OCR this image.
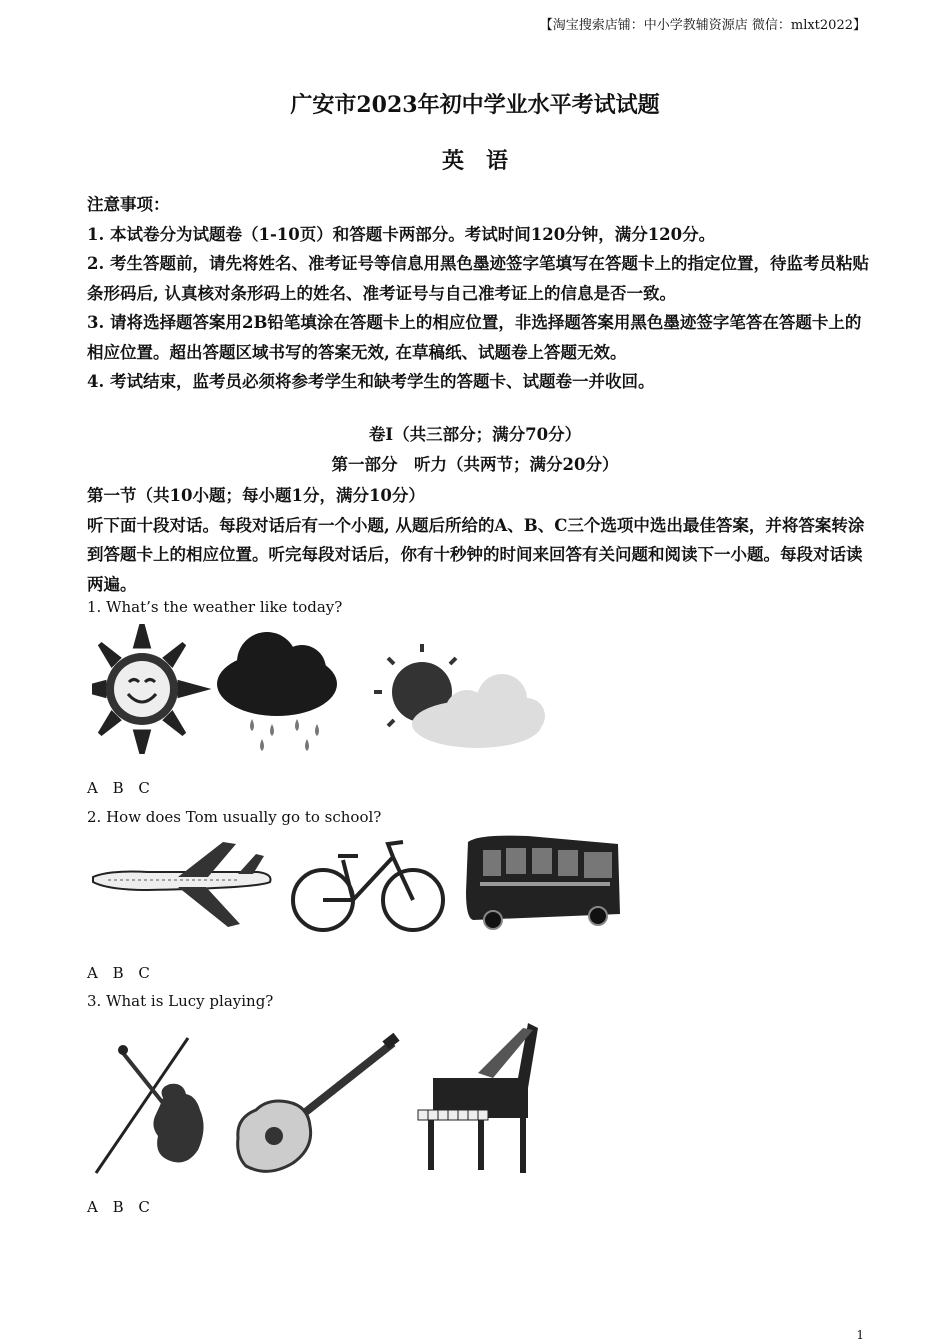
【淘宝搜索店铺：中小学教辅资源店 微信：mlxt2022】
广安市2023年初中学业水平考试试题
英语

注意事项：

1. 本试卷分为试题卷（1-10页）和答题卡两部分。考试时间120分钟，满分120分。

2. 考生答题前，请先将姓名、准考证号等信息用黑色墨迹签字笔填写在答题卡上的指定位置，待监考员粘贴条形码后, 认真核对条形码上的姓名、准考证号与自己准考证上的信息是否一致。

3. 请将选择题答案用2B铅笔填涂在答题卡上的相应位置，非选择题答案用黑色墨迹签字笔答在答题卡上的相应位置。超出答题区域书写的答案无效, 在草稿纸、试题卷上答题无效。

4. 考试结束，监考员必须将参考学生和缺考学生的答题卡、试题卷一并收回。

卷Ⅰ（共三部分；满分70分）
第一部分　听力（共两节；满分20分）

第一节（共10小题；每小题1分，满分10分）

听下面十段对话。每段对话后有一个小题, 从题后所给的A、B、C三个选项中选出最佳答案，并将答案转涂到答题卡上的相应位置。听完每段对话后，你有十秒钟的时间来回答有关问题和阅读下一小题。每段对话读两遍。

1. What’s the weather like today?
A B C
2. How does Tom usually go to school?
A B C
3. What is Lucy playing?
A B C
1
